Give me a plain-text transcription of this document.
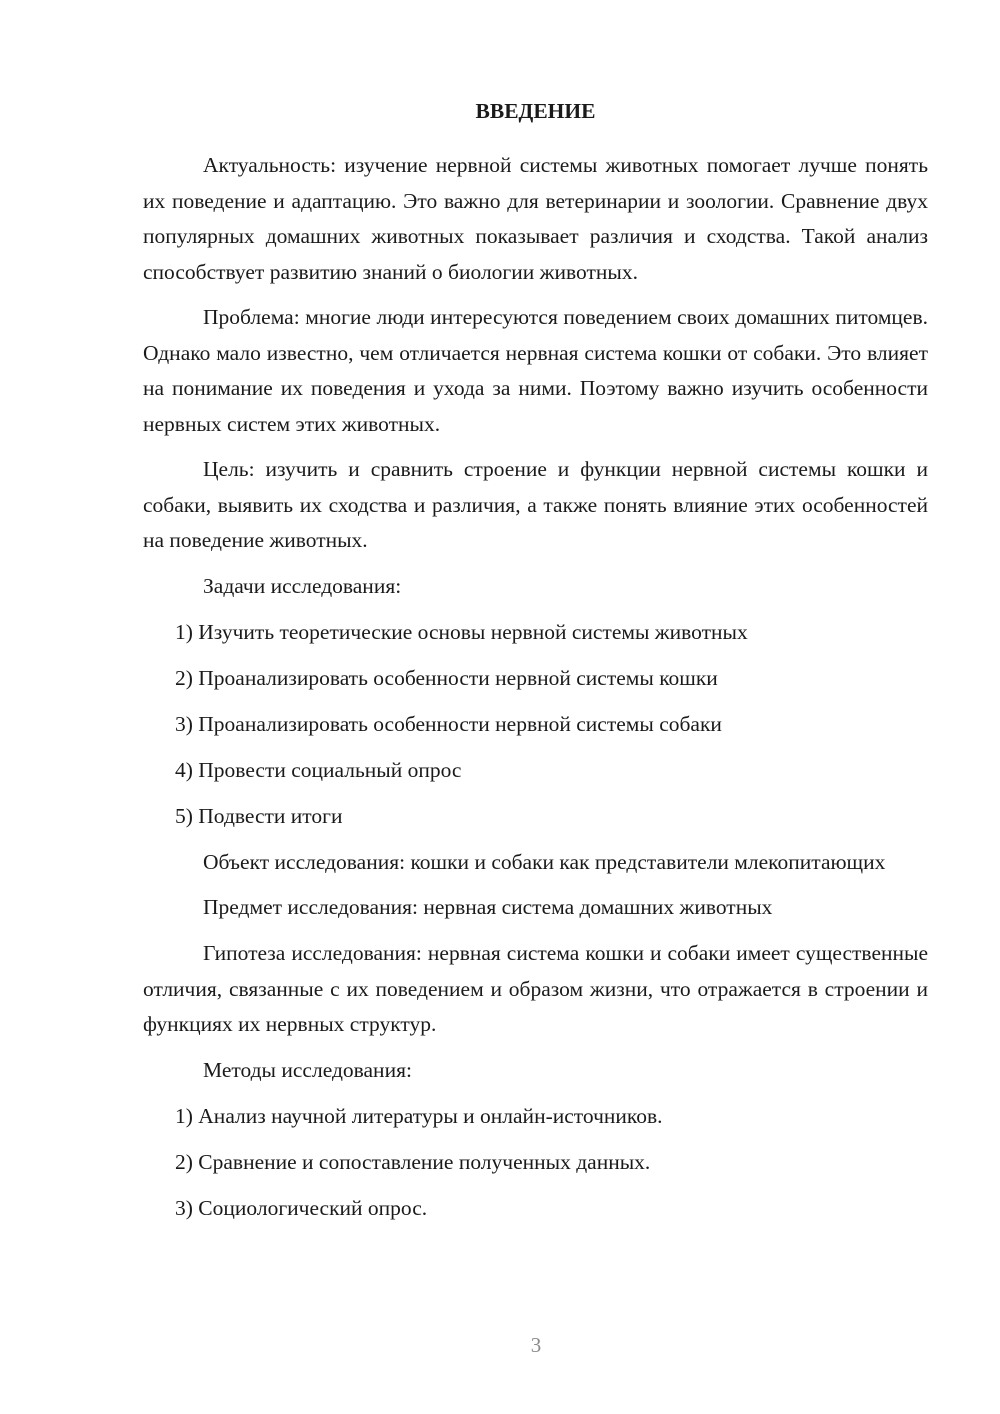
ВВЕДЕНИЕ

Актуальность: изучение нервной системы животных помогает лучше понять их поведение и адаптацию. Это важно для ветеринарии и зоологии. Сравнение двух популярных домашних животных показывает различия и сходства. Такой анализ способствует развитию знаний о биологии животных.

Проблема: многие люди интересуются поведением своих домашних питомцев. Однако мало известно, чем отличается нервная система кошки от собаки. Это влияет на понимание их поведения и ухода за ними. Поэтому важно изучить особенности нервных систем этих животных.

Цель: изучить и сравнить строение и функции нервной системы кошки и собаки, выявить их сходства и различия, а также понять влияние этих особенностей на поведение животных.

Задачи исследования:

1) Изучить теоретические основы нервной системы животных
2) Проанализировать особенности нервной системы кошки
3) Проанализировать особенности нервной системы собаки
4) Провести социальный опрос
5) Подвести итоги

Объект исследования: кошки и собаки как представители млекопитающих

Предмет исследования: нервная система домашних животных

Гипотеза исследования: нервная система кошки и собаки имеет существенные отличия, связанные с их поведением и образом жизни, что отражается в строении и функциях их нервных структур.

Методы исследования:

1) Анализ научной литературы и онлайн-источников.
2) Сравнение и сопоставление полученных данных.
3) Социологический опрос.
3
